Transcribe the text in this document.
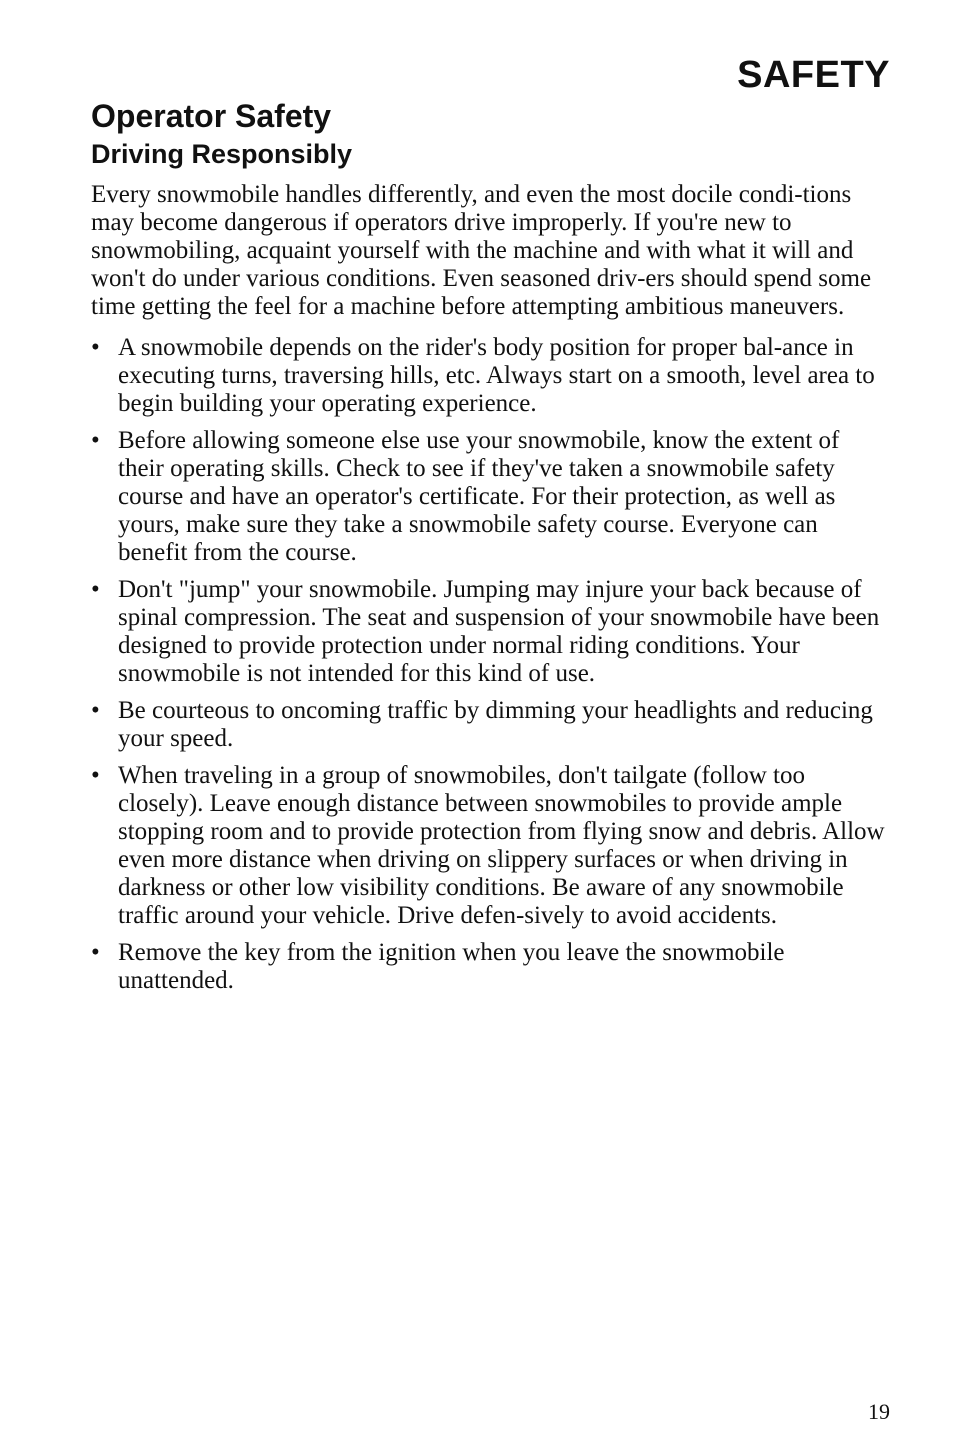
SAFETY
Operator Safety
Driving Responsibly

Every snowmobile handles differently, and even the most docile condi-tions may become dangerous if operators drive improperly. If you're new to snowmobiling, acquaint yourself with the machine and with what it will and won't do under various conditions. Even seasoned driv-ers should spend some time getting the feel for a machine before attempting ambitious maneuvers.

• A snowmobile depends on the rider's body position for proper bal-ance in executing turns, traversing hills, etc. Always start on a smooth, level area to begin building your operating experience.
• Before allowing someone else use your snowmobile, know the extent of their operating skills. Check to see if they've taken a snowmobile safety course and have an operator's certificate. For their protection, as well as yours, make sure they take a snowmobile safety course. Everyone can benefit from the course.
• Don't "jump" your snowmobile. Jumping may injure your back because of spinal compression. The seat and suspension of your snowmobile have been designed to provide protection under normal riding conditions. Your snowmobile is not intended for this kind of use.
• Be courteous to oncoming traffic by dimming your headlights and reducing your speed.
• When traveling in a group of snowmobiles, don't tailgate (follow too closely). Leave enough distance between snowmobiles to provide ample stopping room and to provide protection from flying snow and debris. Allow even more distance when driving on slippery surfaces or when driving in darkness or other low visibility conditions. Be aware of any snowmobile traffic around your vehicle. Drive defen-sively to avoid accidents.
• Remove the key from the ignition when you leave the snowmobile unattended.

19
